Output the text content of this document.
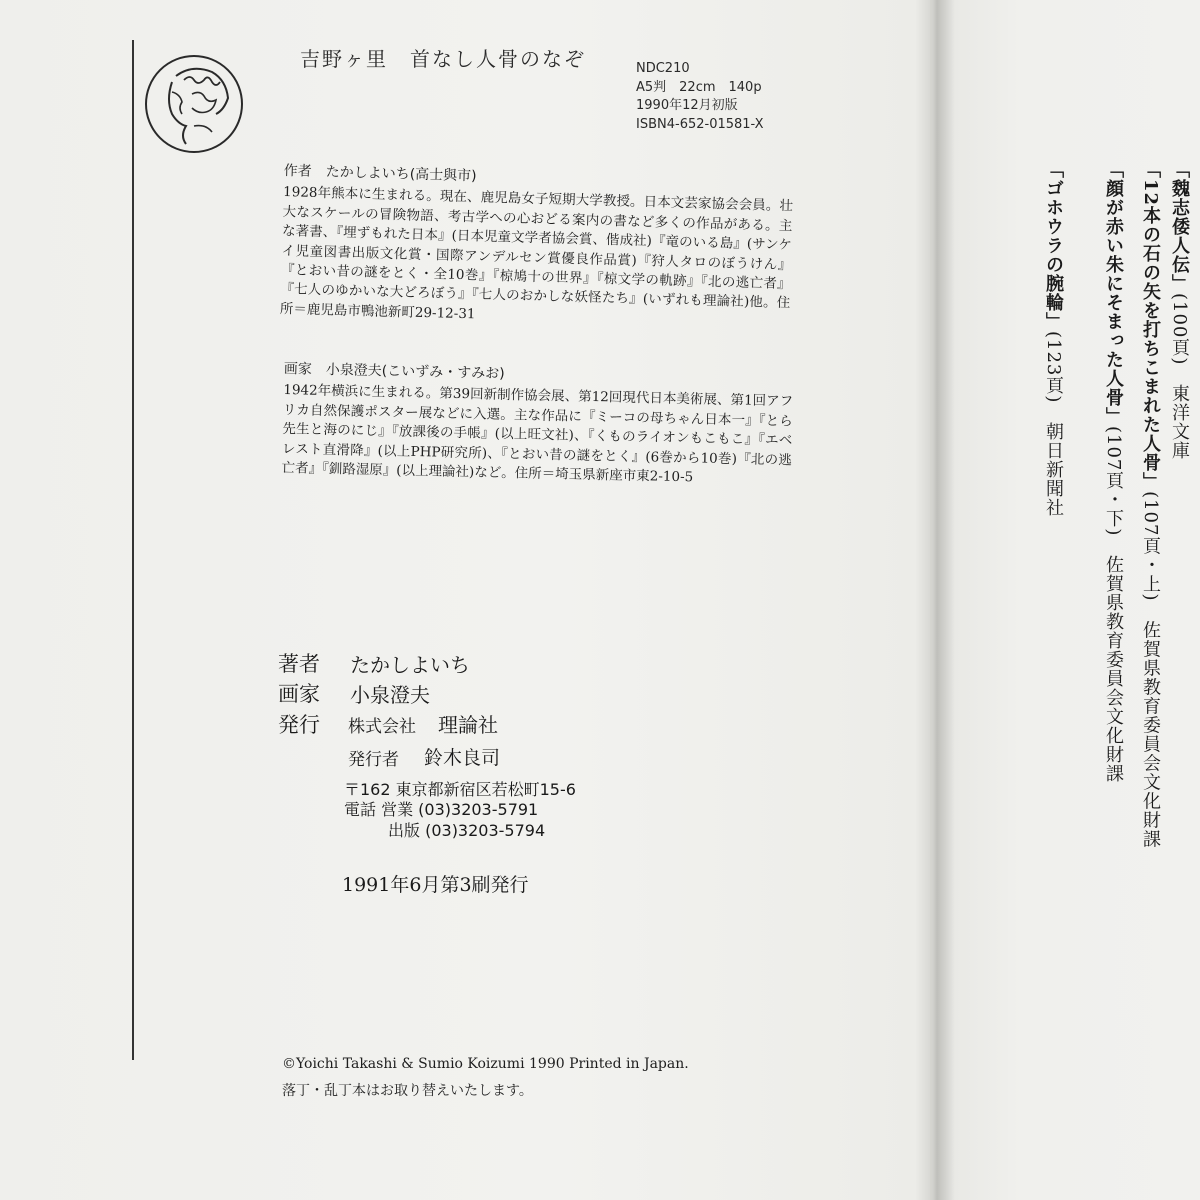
吉野ヶ里　首なし人骨のなぞ	NDC210
A5判　22cm　140p
1990年12月初版
ISBN4-652-01581-X
作者　たかしよいち(高士與市)

1928年熊本に生まれる。現在、鹿児島女子短期大学教授。日本文芸家協会会員。壮大なスケールの冒険物語、考古学への心おどる案内の書など多くの作品がある。主な著書、『埋ずもれた日本』(日本児童文学者協会賞、偕成社)『竜のいる島』(サンケイ児童図書出版文化賞・国際アンデルセン賞優良作品賞)『狩人タロのぼうけん』『とおい昔の謎をとく・全10巻』『椋鳩十の世界』『椋文学の軌跡』『北の逃亡者』『七人のゆかいな大どろぼう』『七人のおかしな妖怪たち』(いずれも理論社)他。住所＝鹿児島市鴨池新町29-12-31

画家　小泉澄夫(こいずみ・すみお)

1942年横浜に生まれる。第39回新制作協会展、第12回現代日本美術展、第1回アフリカ自然保護ポスター展などに入選。主な作品に『ミーコの母ちゃん日本一』『とら先生と海のにじ』『放課後の手帳』(以上旺文社)、『くものライオンもこもこ』『エベレスト直滑降』(以上PHP研究所)、『とおい昔の謎をとく』(6巻から10巻)『北の逃亡者』『釧路湿原』(以上理論社)など。住所＝埼玉県新座市東2-10-5

著者 たかしよいち
画家 小泉澄夫
発行 株式会社 理論社
発行者 鈴木良司
〒162 東京都新宿区若松町15-6
電話 営業 (03)3203-5791
出版 (03)3203-5794
1991年6月第3刷発行
©Yoichi Takashi & Sumio Koizumi 1990 Printed in Japan.
落丁・乱丁本はお取り替えいたします。
「魏志倭人伝」(100頁)　東洋文庫
「12本の石の矢を打ちこまれた人骨」(107頁・上)　佐賀県教育委員会文化財課
「顔が赤い朱にそまった人骨」(107頁・下)　佐賀県教育委員会文化財課
「ゴホウラの腕輪」(123頁)　朝日新聞社
